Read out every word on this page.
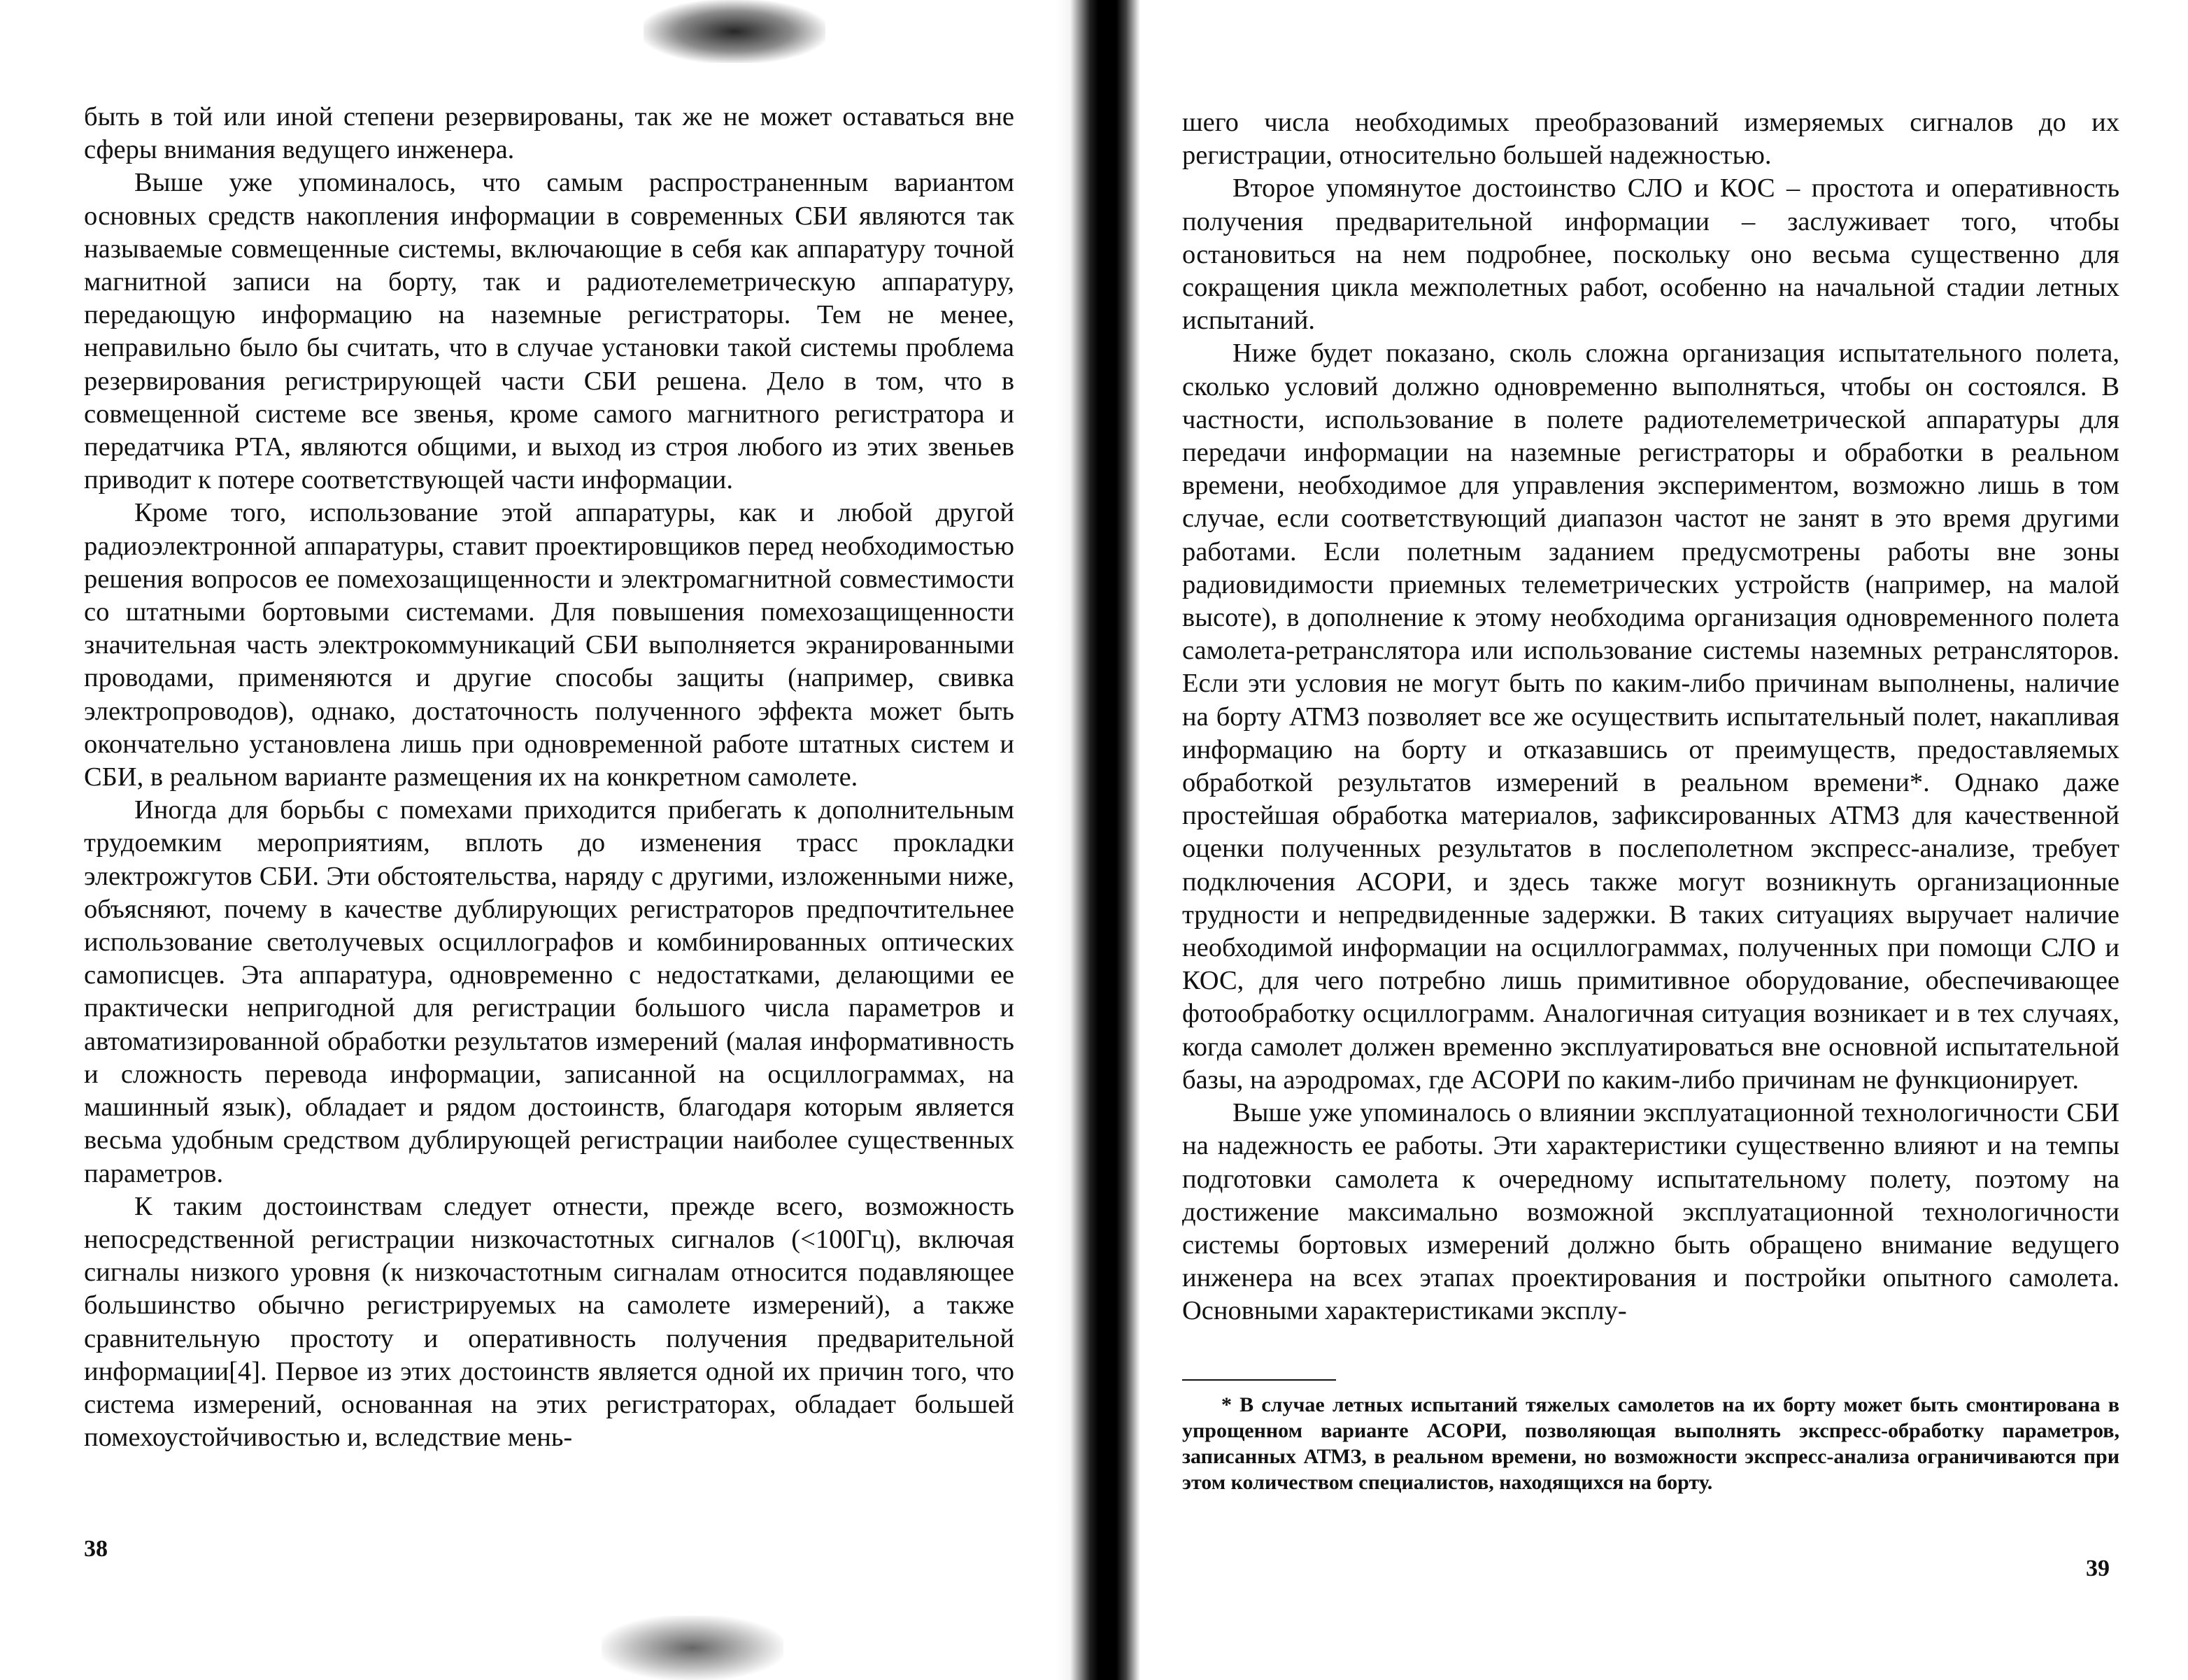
быть в той или иной степени резервированы, так же не может оставаться вне сферы внимания ведущего инженера.

Выше уже упоминалось, что самым распространенным вариантом основных средств накопления информации в современных СБИ являются так называемые совмещенные системы, включающие в себя как аппаратуру точной магнитной записи на борту, так и радиотелеметрическую аппаратуру, передающую информацию на наземные регистраторы. Тем не менее, неправильно было бы считать, что в случае установки такой системы проблема резервирования регистрирующей части СБИ решена. Дело в том, что в совмещенной системе все звенья, кроме самого магнитного регистратора и передатчика РТА, являются общими, и выход из строя любого из этих звеньев приводит к потере соответствующей части информации.

Кроме того, использование этой аппаратуры, как и любой другой радиоэлектронной аппаратуры, ставит проектировщиков перед необходимостью решения вопросов ее помехозащищенности и электромагнитной совместимости со штатными бортовыми системами. Для повышения помехозащищенности значительная часть электрокоммуникаций СБИ выполняется экранированными проводами, применяются и другие способы защиты (например, свивка электропроводов), однако, достаточность полученного эффекта может быть окончательно установлена лишь при одновременной работе штатных систем и СБИ, в реальном варианте размещения их на конкретном самолете.

Иногда для борьбы с помехами приходится прибегать к дополнительным трудоемким мероприятиям, вплоть до изменения трасс прокладки электрожгутов СБИ. Эти обстоятельства, наряду с другими, изложенными ниже, объясняют, почему в качестве дублирующих регистраторов предпочтительнее использование светолучевых осциллографов и комбинированных оптических самописцев. Эта аппаратура, одновременно с недостатками, делающими ее практически непригодной для регистрации большого числа параметров и автоматизированной обработки результатов измерений (малая информативность и сложность перевода информации, записанной на осциллограммах, на машинный язык), обладает и рядом достоинств, благодаря которым является весьма удобным средством дублирующей регистрации наиболее существенных параметров.

К таким достоинствам следует отнести, прежде всего, возможность непосредственной регистрации низкочастотных сигналов (<100Гц), включая сигналы низкого уровня (к низкочастотным сигналам относится подавляющее большинство обычно регистрируемых на самолете измерений), а также сравнительную простоту и оперативность получения предварительной информации[4]. Первое из этих достоинств является одной их причин того, что система измерений, основанная на этих регистраторах, обладает большей помехоустойчивостью и, вследствие мень-

38

шего числа необходимых преобразований измеряемых сигналов до их регистрации, относительно большей надежностью.

Второе упомянутое достоинство СЛО и КОС – простота и оперативность получения предварительной информации – заслуживает того, чтобы остановиться на нем подробнее, поскольку оно весьма существенно для сокращения цикла межполетных работ, особенно на начальной стадии летных испытаний.

Ниже будет показано, сколь сложна организация испытательного полета, сколько условий должно одновременно выполняться, чтобы он состоялся. В частности, использование в полете радиотелеметрической аппаратуры для передачи информации на наземные регистраторы и обработки в реальном времени, необходимое для управления экспериментом, возможно лишь в том случае, если соответствующий диапазон частот не занят в это время другими работами. Если полетным заданием предусмотрены работы вне зоны радиовидимости приемных телеметрических устройств (например, на малой высоте), в дополнение к этому необходима организация одновременного полета самолета-ретранслятора или использование системы наземных ретрансляторов. Если эти условия не могут быть по каким-либо причинам выполнены, наличие на борту АТМЗ позволяет все же осуществить испытательный полет, накапливая информацию на борту и отказавшись от преимуществ, предоставляемых обработкой результатов измерений в реальном времени*. Однако даже простейшая обработка материалов, зафиксированных АТМЗ для качественной оценки полученных результатов в послеполетном экспресс-анализе, требует подключения АСОРИ, и здесь также могут возникнуть организационные трудности и непредвиденные задержки. В таких ситуациях выручает наличие необходимой информации на осциллограммах, полученных при помощи СЛО и КОС, для чего потребно лишь примитивное оборудование, обеспечивающее фотообработку осциллограмм. Аналогичная ситуация возникает и в тех случаях, когда самолет должен временно эксплуатироваться вне основной испытательной базы, на аэродромах, где АСОРИ по каким-либо причинам не функционирует.

Выше уже упоминалось о влиянии эксплуатационной технологичности СБИ на надежность ее работы. Эти характеристики существенно влияют и на темпы подготовки самолета к очередному испытательному полету, поэтому на достижение максимально возможной эксплуатационной технологичности системы бортовых измерений должно быть обращено внимание ведущего инженера на всех этапах проектирования и постройки опытного самолета. Основными характеристиками эксплу-

* В случае летных испытаний тяжелых самолетов на их борту может быть смонтирована в упрощенном варианте АСОРИ, позволяющая выполнять экспресс-обработку параметров, записанных АТМЗ, в реальном времени, но возможности экспресс-анализа ограничиваются при этом количеством специалистов, находящихся на борту.
39
